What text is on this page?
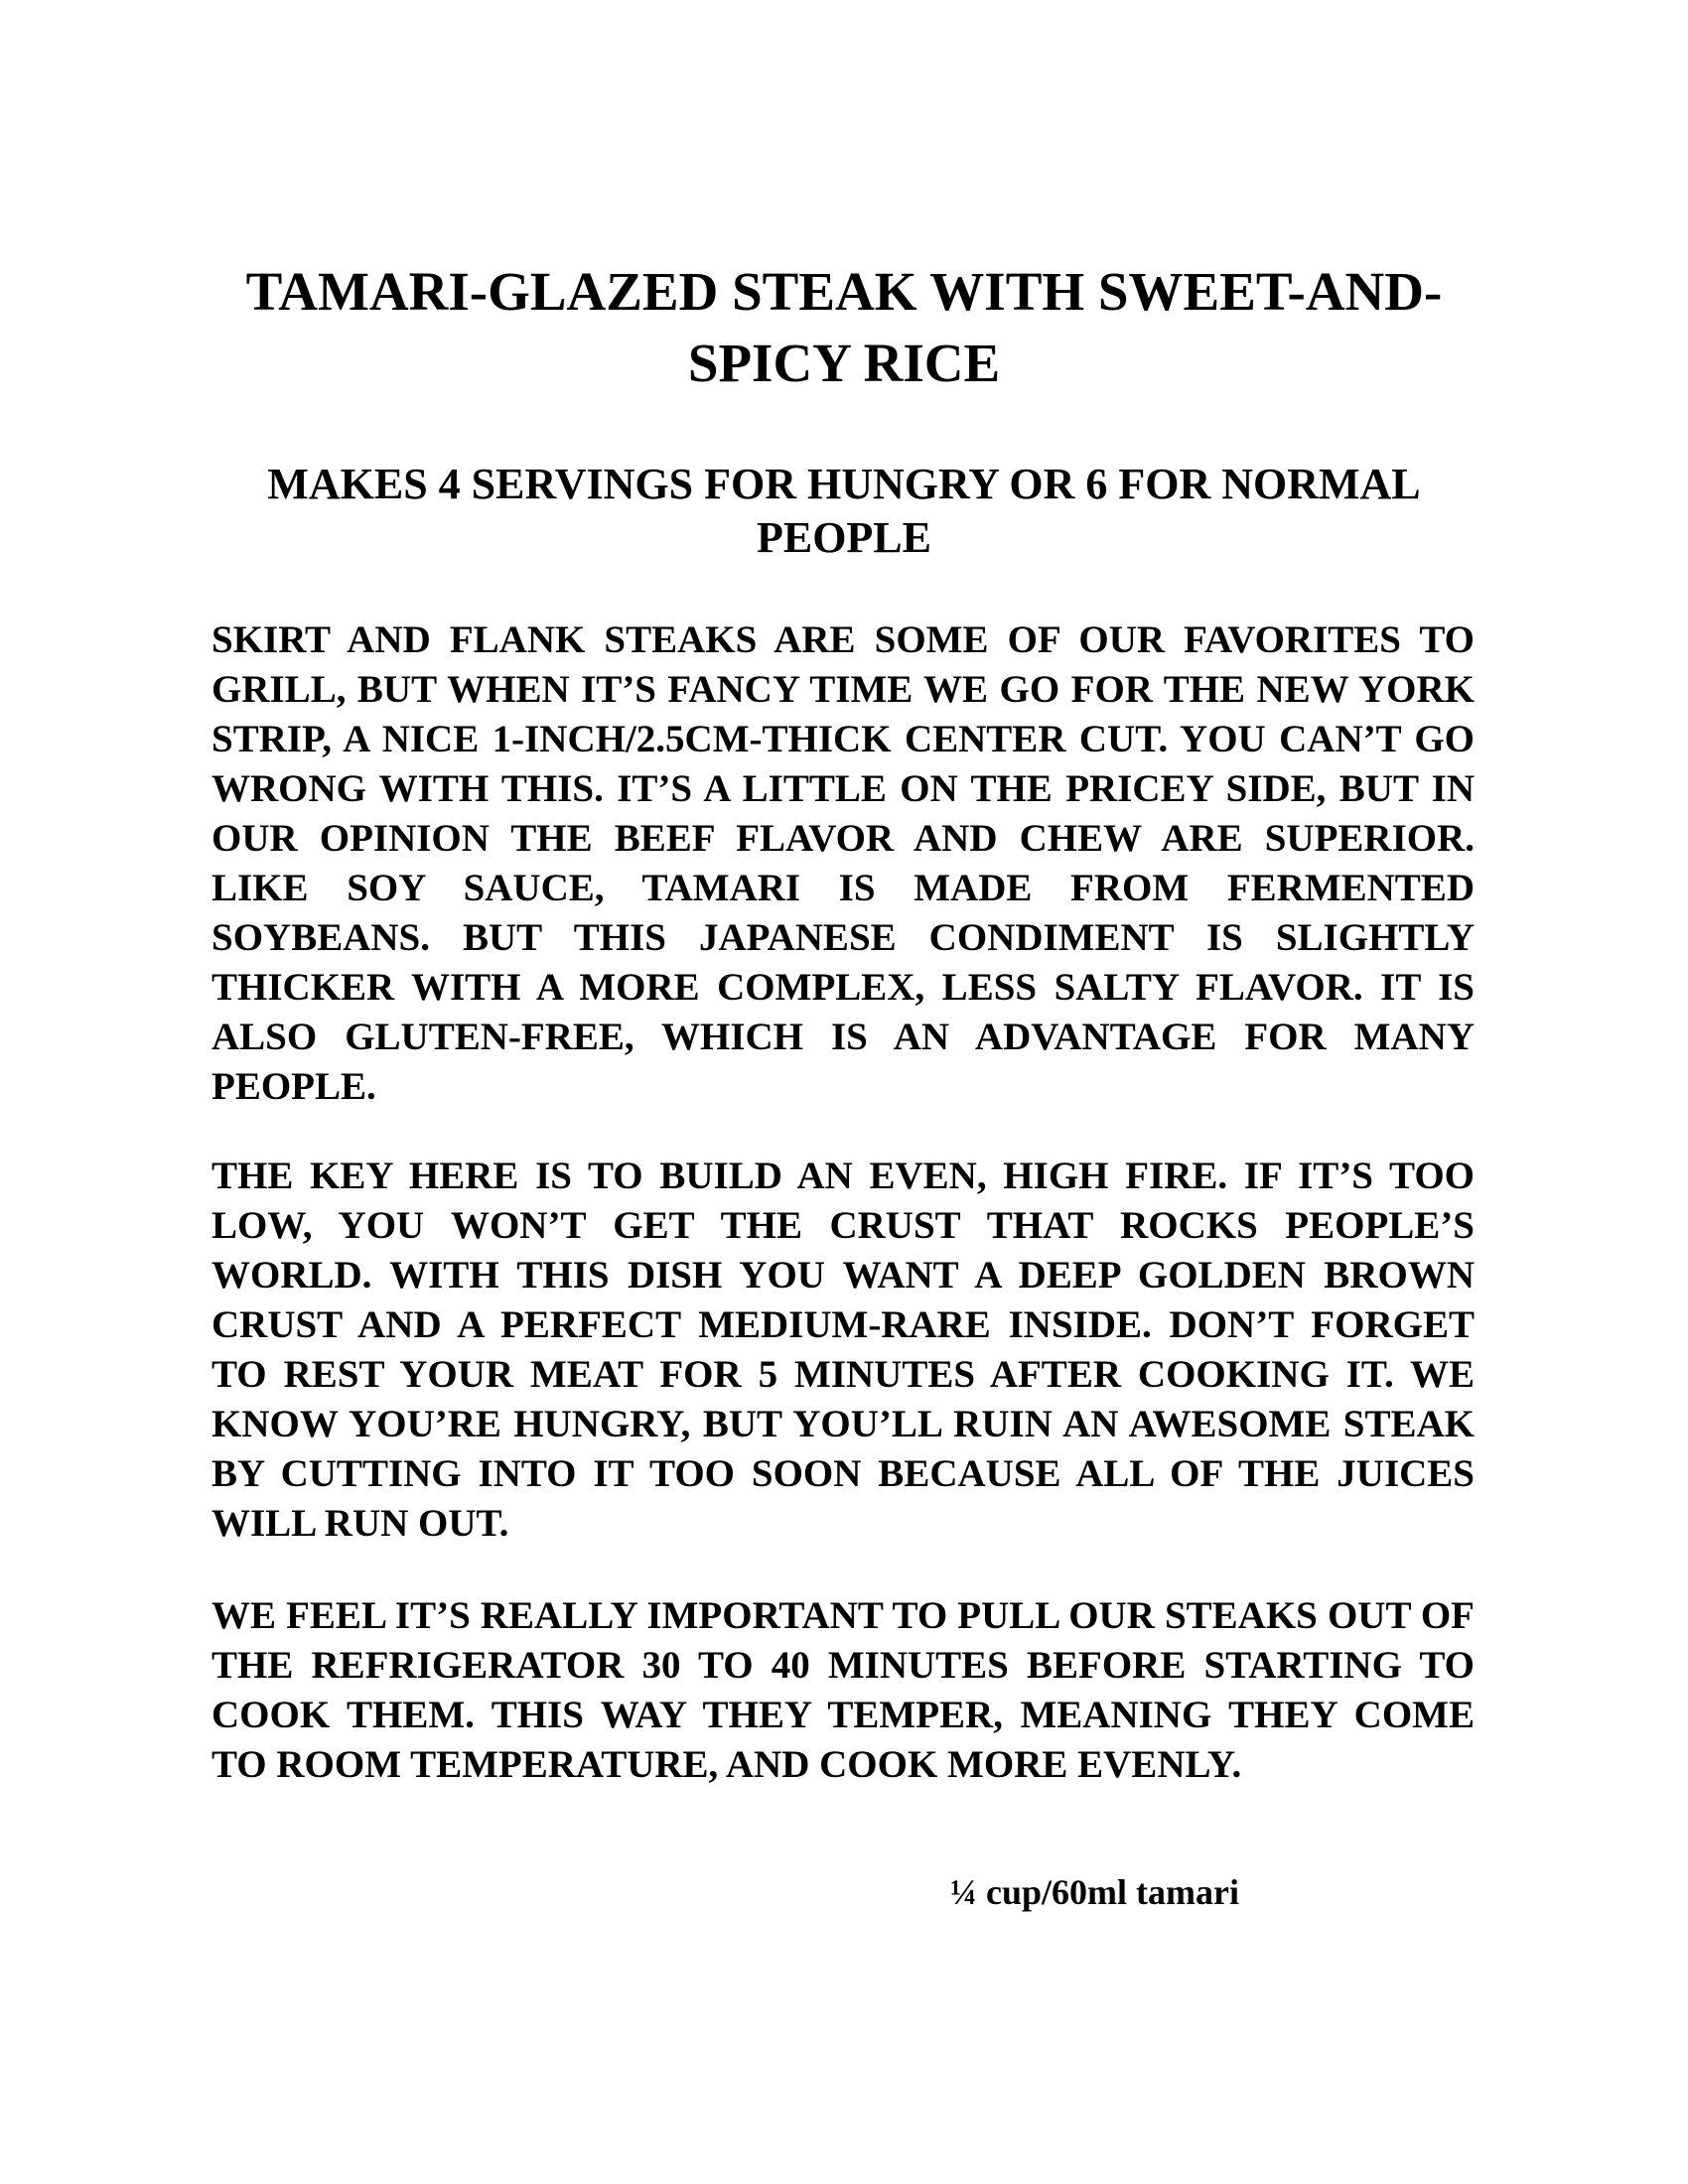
TAMARI-GLAZED STEAK WITH SWEET-AND-SPICY RICE
MAKES 4 SERVINGS FOR HUNGRY OR 6 FOR NORMAL PEOPLE

SKIRT AND FLANK STEAKS ARE SOME OF OUR FAVORITES TO GRILL, BUT WHEN IT’S FANCY TIME WE GO FOR THE NEW YORK STRIP, A NICE 1-INCH/2.5CM-THICK CENTER CUT. YOU CAN’T GO WRONG WITH THIS. IT’S A LITTLE ON THE PRICEY SIDE, BUT IN OUR OPINION THE BEEF FLAVOR AND CHEW ARE SUPERIOR. LIKE SOY SAUCE, TAMARI IS MADE FROM FERMENTED SOYBEANS. BUT THIS JAPANESE CONDIMENT IS SLIGHTLY THICKER WITH A MORE COMPLEX, LESS SALTY FLAVOR. IT IS ALSO GLUTEN-FREE, WHICH IS AN ADVANTAGE FOR MANY PEOPLE.

THE KEY HERE IS TO BUILD AN EVEN, HIGH FIRE. IF IT’S TOO LOW, YOU WON’T GET THE CRUST THAT ROCKS PEOPLE’S WORLD. WITH THIS DISH YOU WANT A DEEP GOLDEN BROWN CRUST AND A PERFECT MEDIUM-RARE INSIDE. DON’T FORGET TO REST YOUR MEAT FOR 5 MINUTES AFTER COOKING IT. WE KNOW YOU’RE HUNGRY, BUT YOU’LL RUIN AN AWESOME STEAK BY CUTTING INTO IT TOO SOON BECAUSE ALL OF THE JUICES WILL RUN OUT.

WE FEEL IT’S REALLY IMPORTANT TO PULL OUR STEAKS OUT OF THE REFRIGERATOR 30 TO 40 MINUTES BEFORE STARTING TO COOK THEM. THIS WAY THEY TEMPER, MEANING THEY COME TO ROOM TEMPERATURE, AND COOK MORE EVENLY.

¼ cup/60ml tamari
